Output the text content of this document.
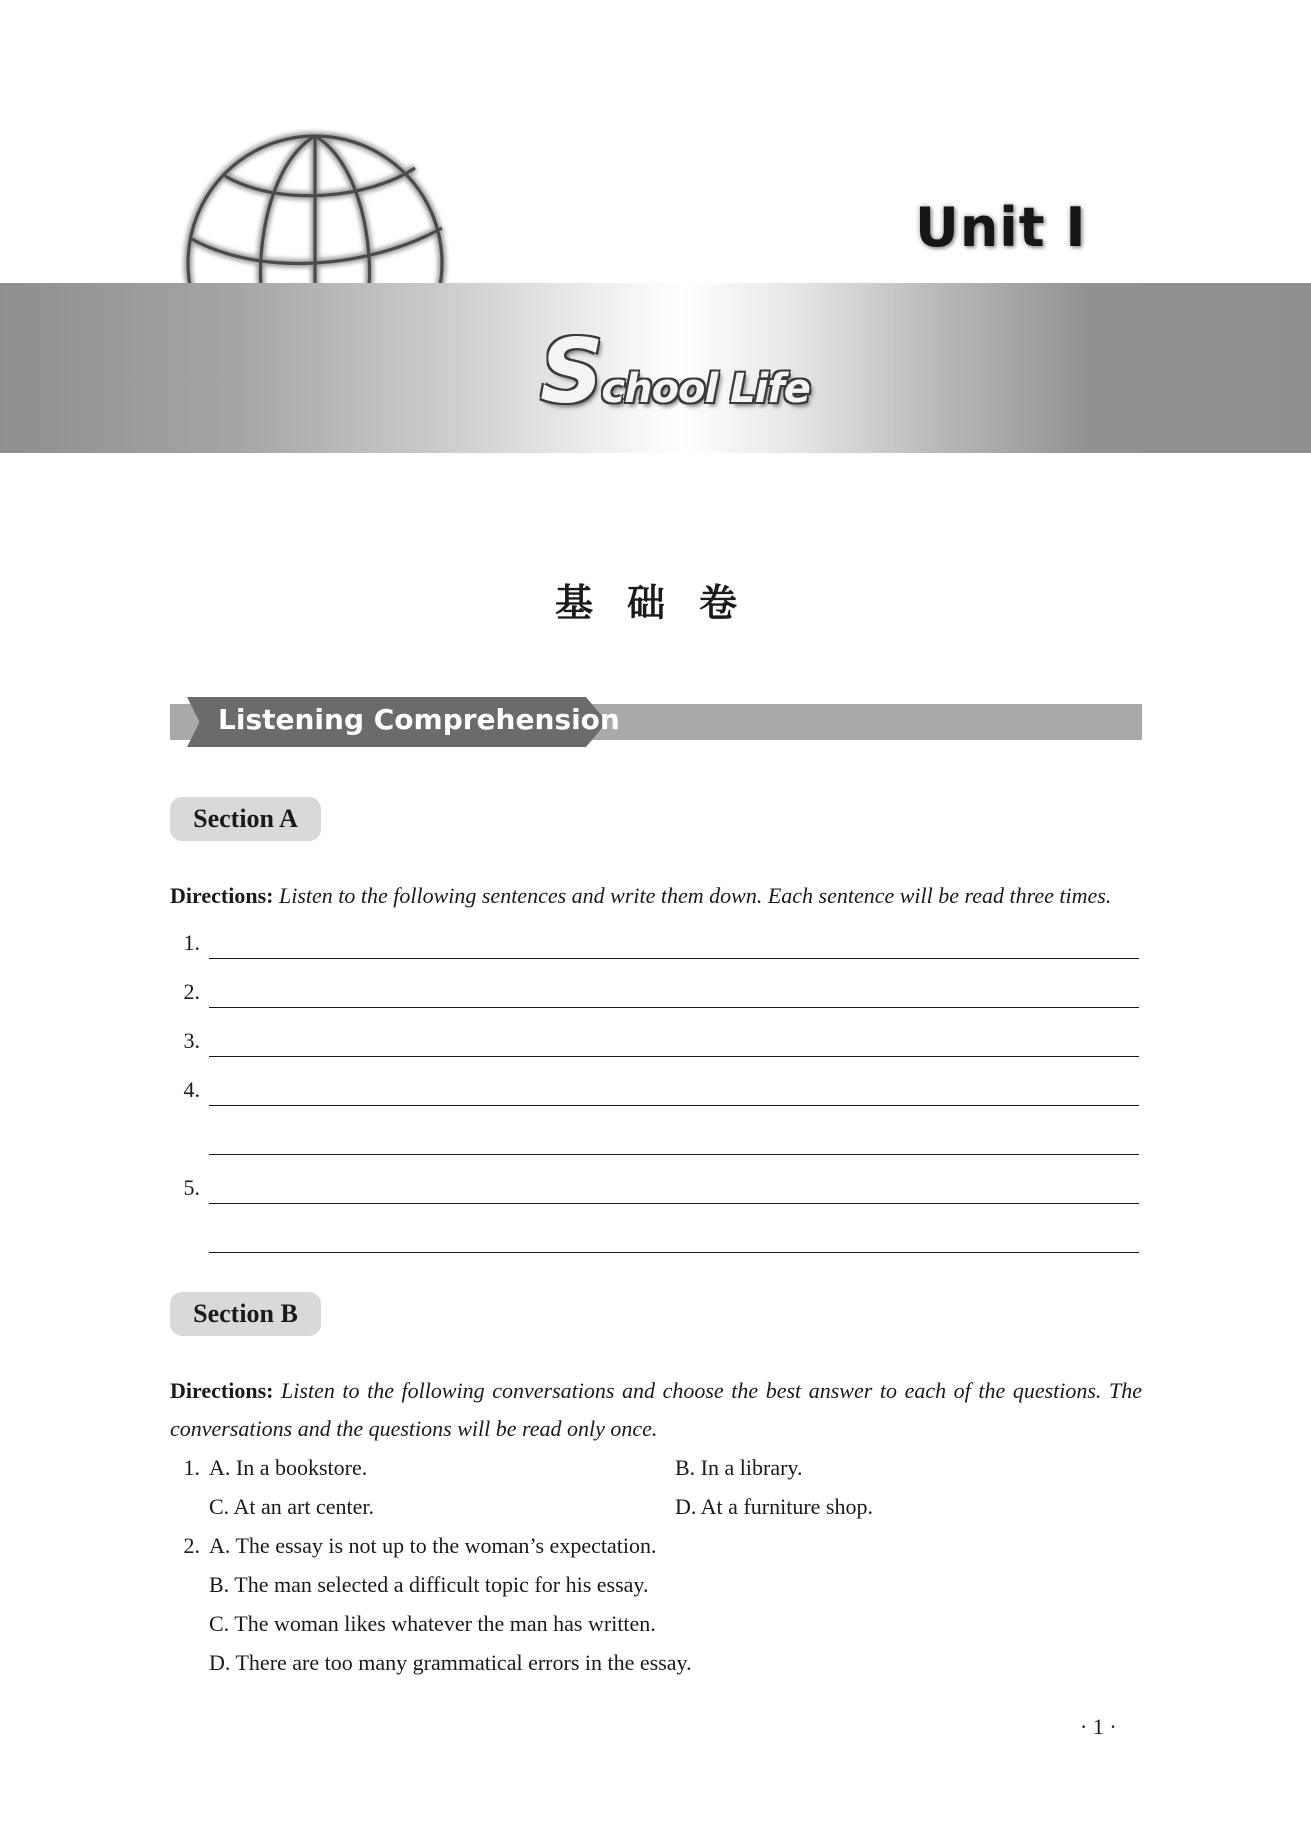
Unit I
School Life
基础卷
Listening Comprehension
Section A
Directions: Listen to the following sentences and write them down. Each sentence will be read three times.
1.
2.
3.
4.
5.
Section B
Directions: Listen to the following conversations and choose the best answer to each of the questions. The conversations and the questions will be read only once.
1. A. In a bookstore.	B. In a library.
C. At an art center.	D. At a furniture shop.
2. A. The essay is not up to the woman’s expectation.
B. The man selected a difficult topic for his essay.
C. The woman likes whatever the man has written.
D. There are too many grammatical errors in the essay.
· 1 ·
